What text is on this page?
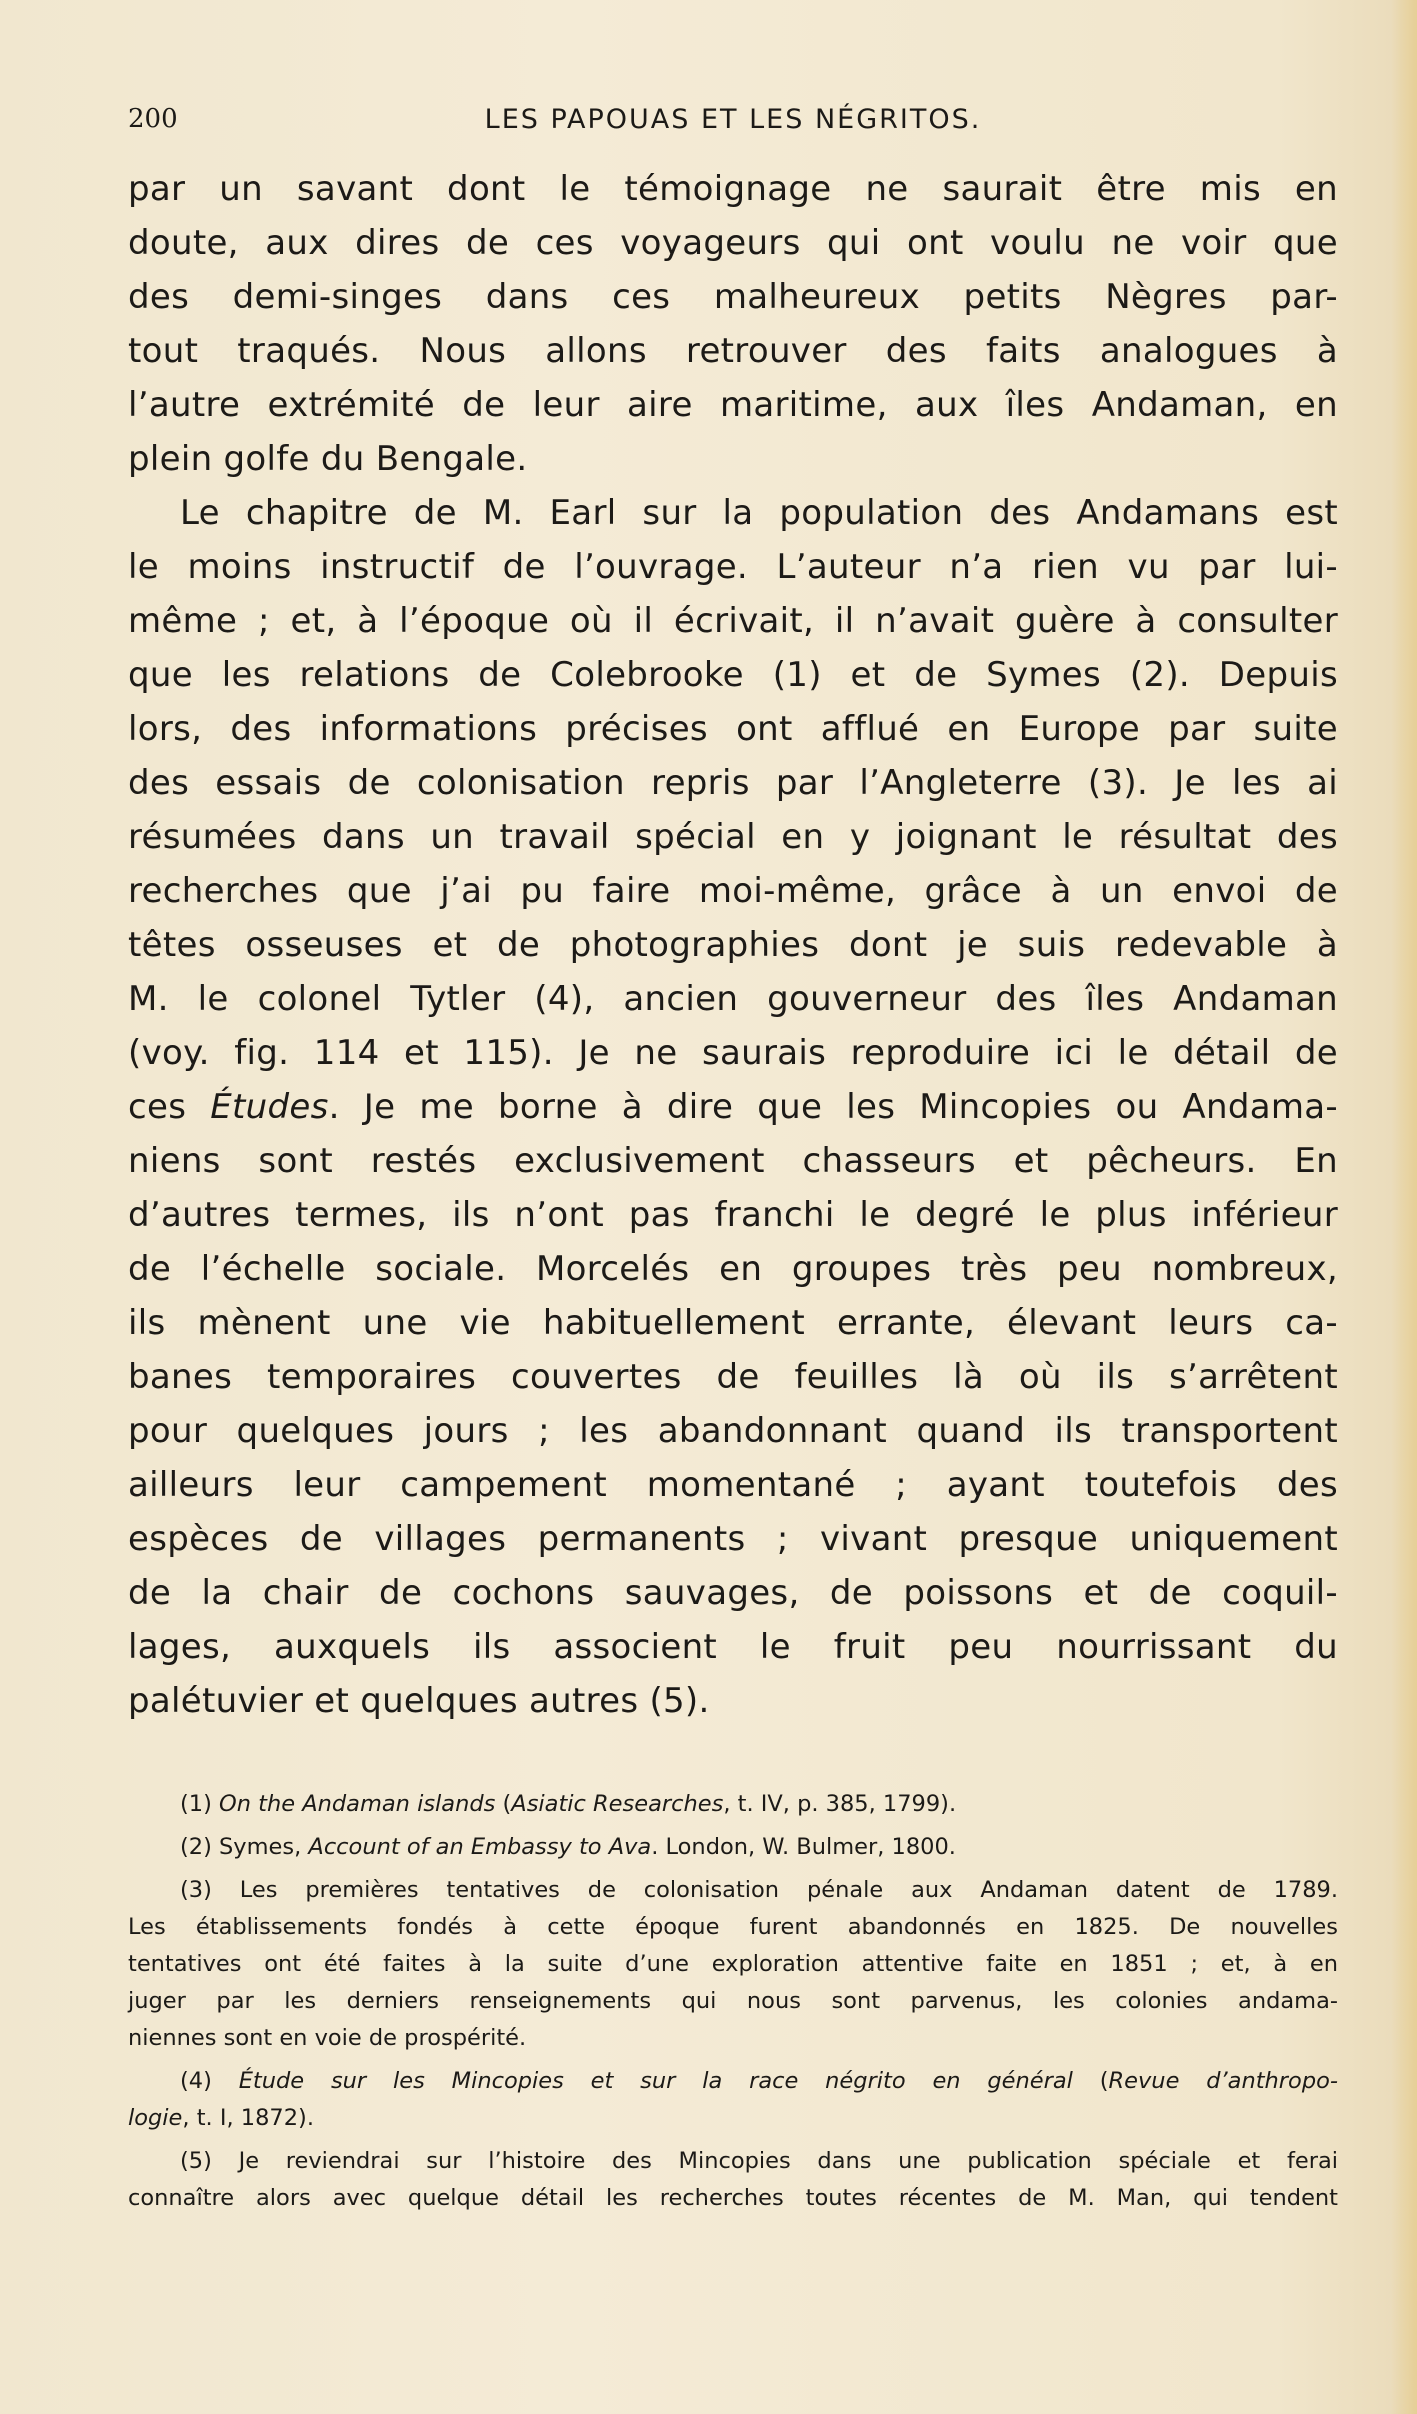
200	LES PAPOUAS ET LES NÉGRITOS.
par un savant dont le témoignage ne saurait être mis en
doute, aux dires de ces voyageurs qui ont voulu ne voir que
des demi-singes dans ces malheureux petits Nègres par-
tout traqués. Nous allons retrouver des faits analogues à
l’autre extrémité de leur aire maritime, aux îles Andaman, en
plein golfe du Bengale.
Le chapitre de M. Earl sur la population des Andamans est
le moins instructif de l’ouvrage. L’auteur n’a rien vu par lui-
même ; et, à l’époque où il écrivait, il n’avait guère à consulter
que les relations de Colebrooke (1) et de Symes (2). Depuis
lors, des informations précises ont afflué en Europe par suite
des essais de colonisation repris par l’Angleterre (3). Je les ai
résumées dans un travail spécial en y joignant le résultat des
recherches que j’ai pu faire moi-même, grâce à un envoi de
têtes osseuses et de photographies dont je suis redevable à
M. le colonel Tytler (4), ancien gouverneur des îles Andaman
(voy. fig. 114 et 115). Je ne saurais reproduire ici le détail de
ces Études. Je me borne à dire que les Mincopies ou Andama-
niens sont restés exclusivement chasseurs et pêcheurs. En
d’autres termes, ils n’ont pas franchi le degré le plus inférieur
de l’échelle sociale. Morcelés en groupes très peu nombreux,
ils mènent une vie habituellement errante, élevant leurs ca-
banes temporaires couvertes de feuilles là où ils s’arrêtent
pour quelques jours ; les abandonnant quand ils transportent
ailleurs leur campement momentané ; ayant toutefois des
espèces de villages permanents ; vivant presque uniquement
de la chair de cochons sauvages, de poissons et de coquil-
lages, auxquels ils associent le fruit peu nourrissant du
palétuvier et quelques autres (5).
(1) On the Andaman islands (Asiatic Researches, t. IV, p. 385, 1799).
(2) Symes, Account of an Embassy to Ava. London, W. Bulmer, 1800.
(3) Les premières tentatives de colonisation pénale aux Andaman datent de 1789.
Les établissements fondés à cette époque furent abandonnés en 1825. De nouvelles
tentatives ont été faites à la suite d’une exploration attentive faite en 1851 ; et, à en
juger par les derniers renseignements qui nous sont parvenus, les colonies andama-
niennes sont en voie de prospérité.
(4) Étude sur les Mincopies et sur la race négrito en général (Revue d’anthropo-
logie, t. I, 1872).
(5) Je reviendrai sur l’histoire des Mincopies dans une publication spéciale et ferai
connaître alors avec quelque détail les recherches toutes récentes de M. Man, qui tendent
